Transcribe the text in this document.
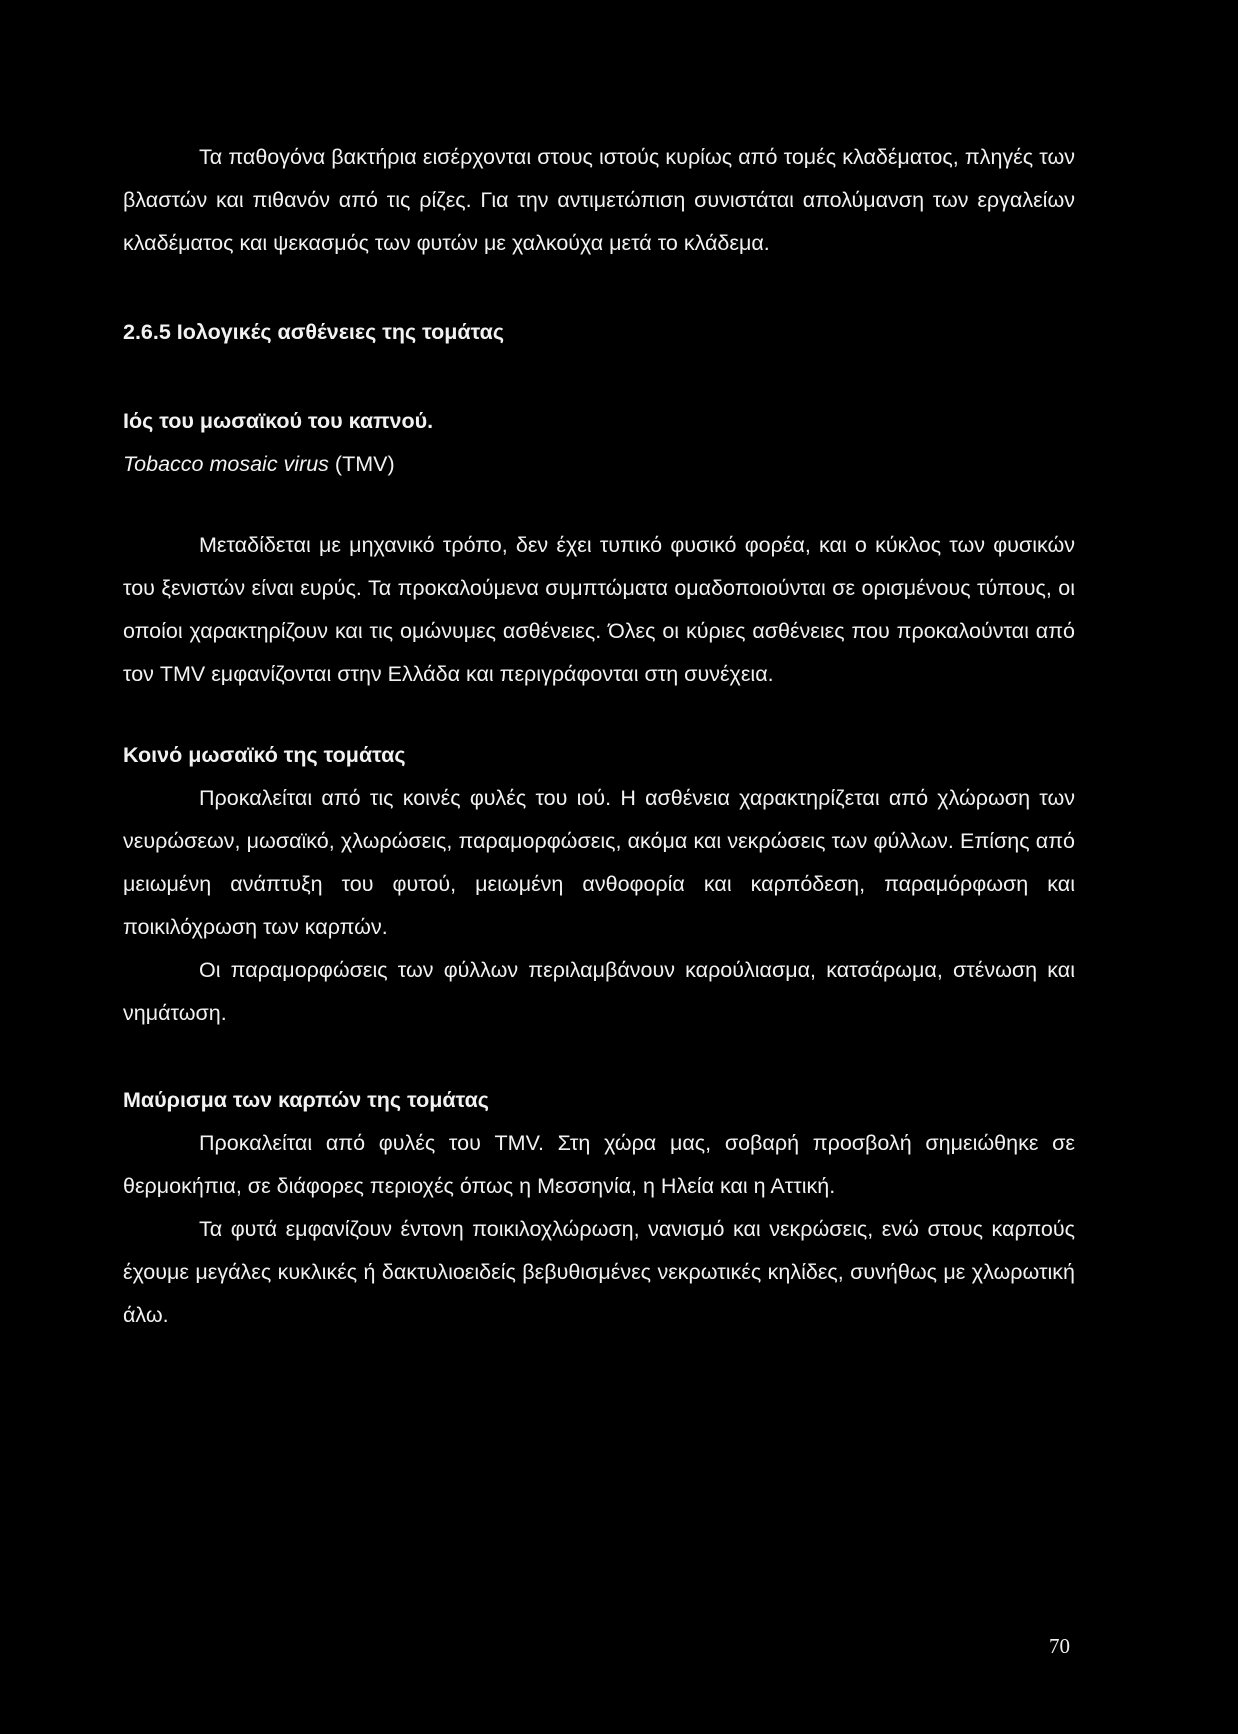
Τα παθογόνα βακτήρια εισέρχονται στους ιστούς κυρίως από τομές κλαδέματος, πληγές των βλαστών και πιθανόν από τις ρίζες. Για την αντιμετώπιση συνιστάται απολύμανση των εργαλείων κλαδέματος και ψεκασμός των φυτών με χαλκούχα μετά το κλάδεμα.

2.6.5 Ιολογικές ασθένειες της τομάτας
Ιός του μωσαϊκού του καπνού.

Tobacco mosaic virus (TMV)

Μεταδίδεται με μηχανικό τρόπο, δεν έχει τυπικό φυσικό φορέα, και ο κύκλος των φυσικών του ξενιστών είναι ευρύς. Τα προκαλούμενα συμπτώματα ομαδοποιούνται σε ορισμένους τύπους, οι οποίοι χαρακτηρίζουν και τις ομώνυμες ασθένειες. Όλες οι κύριες ασθένειες που προκαλούνται από τον TMV εμφανίζονται στην Ελλάδα και περιγράφονται στη συνέχεια.

Κοινό μωσαϊκό της τομάτας

Προκαλείται από τις κοινές φυλές του ιού. Η ασθένεια χαρακτηρίζεται από χλώρωση των νευρώσεων, μωσαϊκό, χλωρώσεις, παραμορφώσεις, ακόμα και νεκρώσεις των φύλλων. Επίσης από μειωμένη ανάπτυξη του φυτού, μειωμένη ανθοφορία και καρπόδεση, παραμόρφωση και ποικιλόχρωση των καρπών.

Οι παραμορφώσεις των φύλλων περιλαμβάνουν καρούλιασμα, κατσάρωμα, στένωση και νημάτωση.

Μαύρισμα των καρπών της τομάτας

Προκαλείται από φυλές του TMV. Στη χώρα μας, σοβαρή προσβολή σημειώθηκε σε θερμοκήπια, σε διάφορες περιοχές όπως η Μεσσηνία, η Ηλεία και η Αττική.

Τα φυτά εμφανίζουν έντονη ποικιλοχλώρωση, νανισμό και νεκρώσεις, ενώ στους καρπούς έχουμε μεγάλες κυκλικές ή δακτυλιοειδείς βεβυθισμένες νεκρωτικές κηλίδες, συνήθως με χλωρωτική άλω.

70
